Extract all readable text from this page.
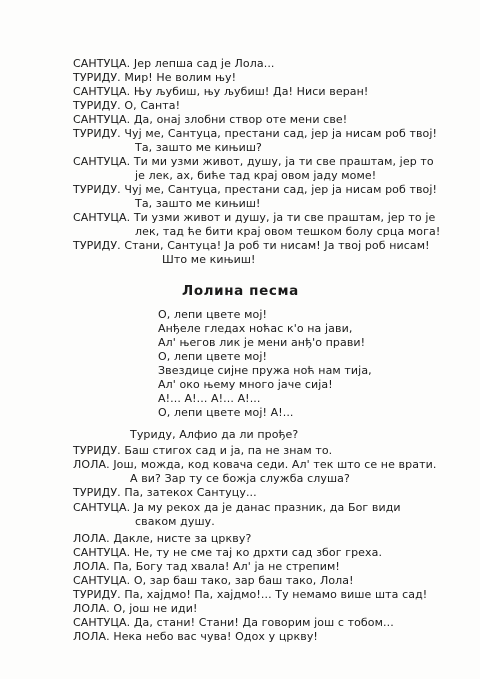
САНТУЦА. Јер лепша сад је Лола...
ТУРИДУ. Мир! Не волим њу!
САНТУЦА. Њу љубиш, њу љубиш! Да! Ниси веран!
ТУРИДУ. О, Санта!
САНТУЦА. Да, онај злобни створ оте мени све!
ТУРИДУ. Чуј ме, Сантуца, престани сад, јер ја нисам роб твој!
Та, зашто ме кињиш?
САНТУЦА. Ти ми узми живот, душу, ја ти све праштам, јер то
је лек, ах, биће тад крај овом јаду моме!
ТУРИДУ. Чуј ме, Сантуца, престани сад, јер ја нисам роб твој!
Та, зашто ме кињиш!
САНТУЦА. Ти узми живот и душу, ја ти све праштам, јер то је
лек, тад ће бити крај овом тешком болу срца мога!
ТУРИДУ. Стани, Сантуца! Ја роб ти нисам! Ја твој роб нисам!
Што ме кињиш!
Лолина песма
О, лепи цвете мој!
Анђеле гледах ноћас к'о на јави,
Ал' његов лик је мени анђ'о прави!
О, лепи цвете мој!
Звездице сијне пружа ноћ нам тија,
Ал' око њему много јаче сија!
А!... А!... А!... А!...
О, лепи цвете мој! А!...
Туриду, Алфио да ли прође?
ТУРИДУ. Баш стигох сад и ја, па не знам то.
ЛОЛА. Још, можда, код ковача седи. Ал' тек што се не врати.
А ви? Зар ту се божја служба слуша?
ТУРИДУ. Па, затекох Сантуцу...
САНТУЦА. Ја му рекох да је данас празник, да Бог види
сваком душу.
ЛОЛА. Дакле, нисте за цркву?
САНТУЦА. Не, ту не сме тај ко дрхти сад због греха.
ЛОЛА. Па, Богу тад хвала! Ал' ја не стрепим!
САНТУЦА. О, зар баш тако, зар баш тако, Лола!
ТУРИДУ. Па, хајдмо! Па, хајдмо!... Ту немамо више шта сад!
ЛОЛА. О, још не иди!
САНТУЦА. Да, стани! Стани! Да говорим још с тобом...
ЛОЛА. Нека небо вас чува! Одох у цркву!
